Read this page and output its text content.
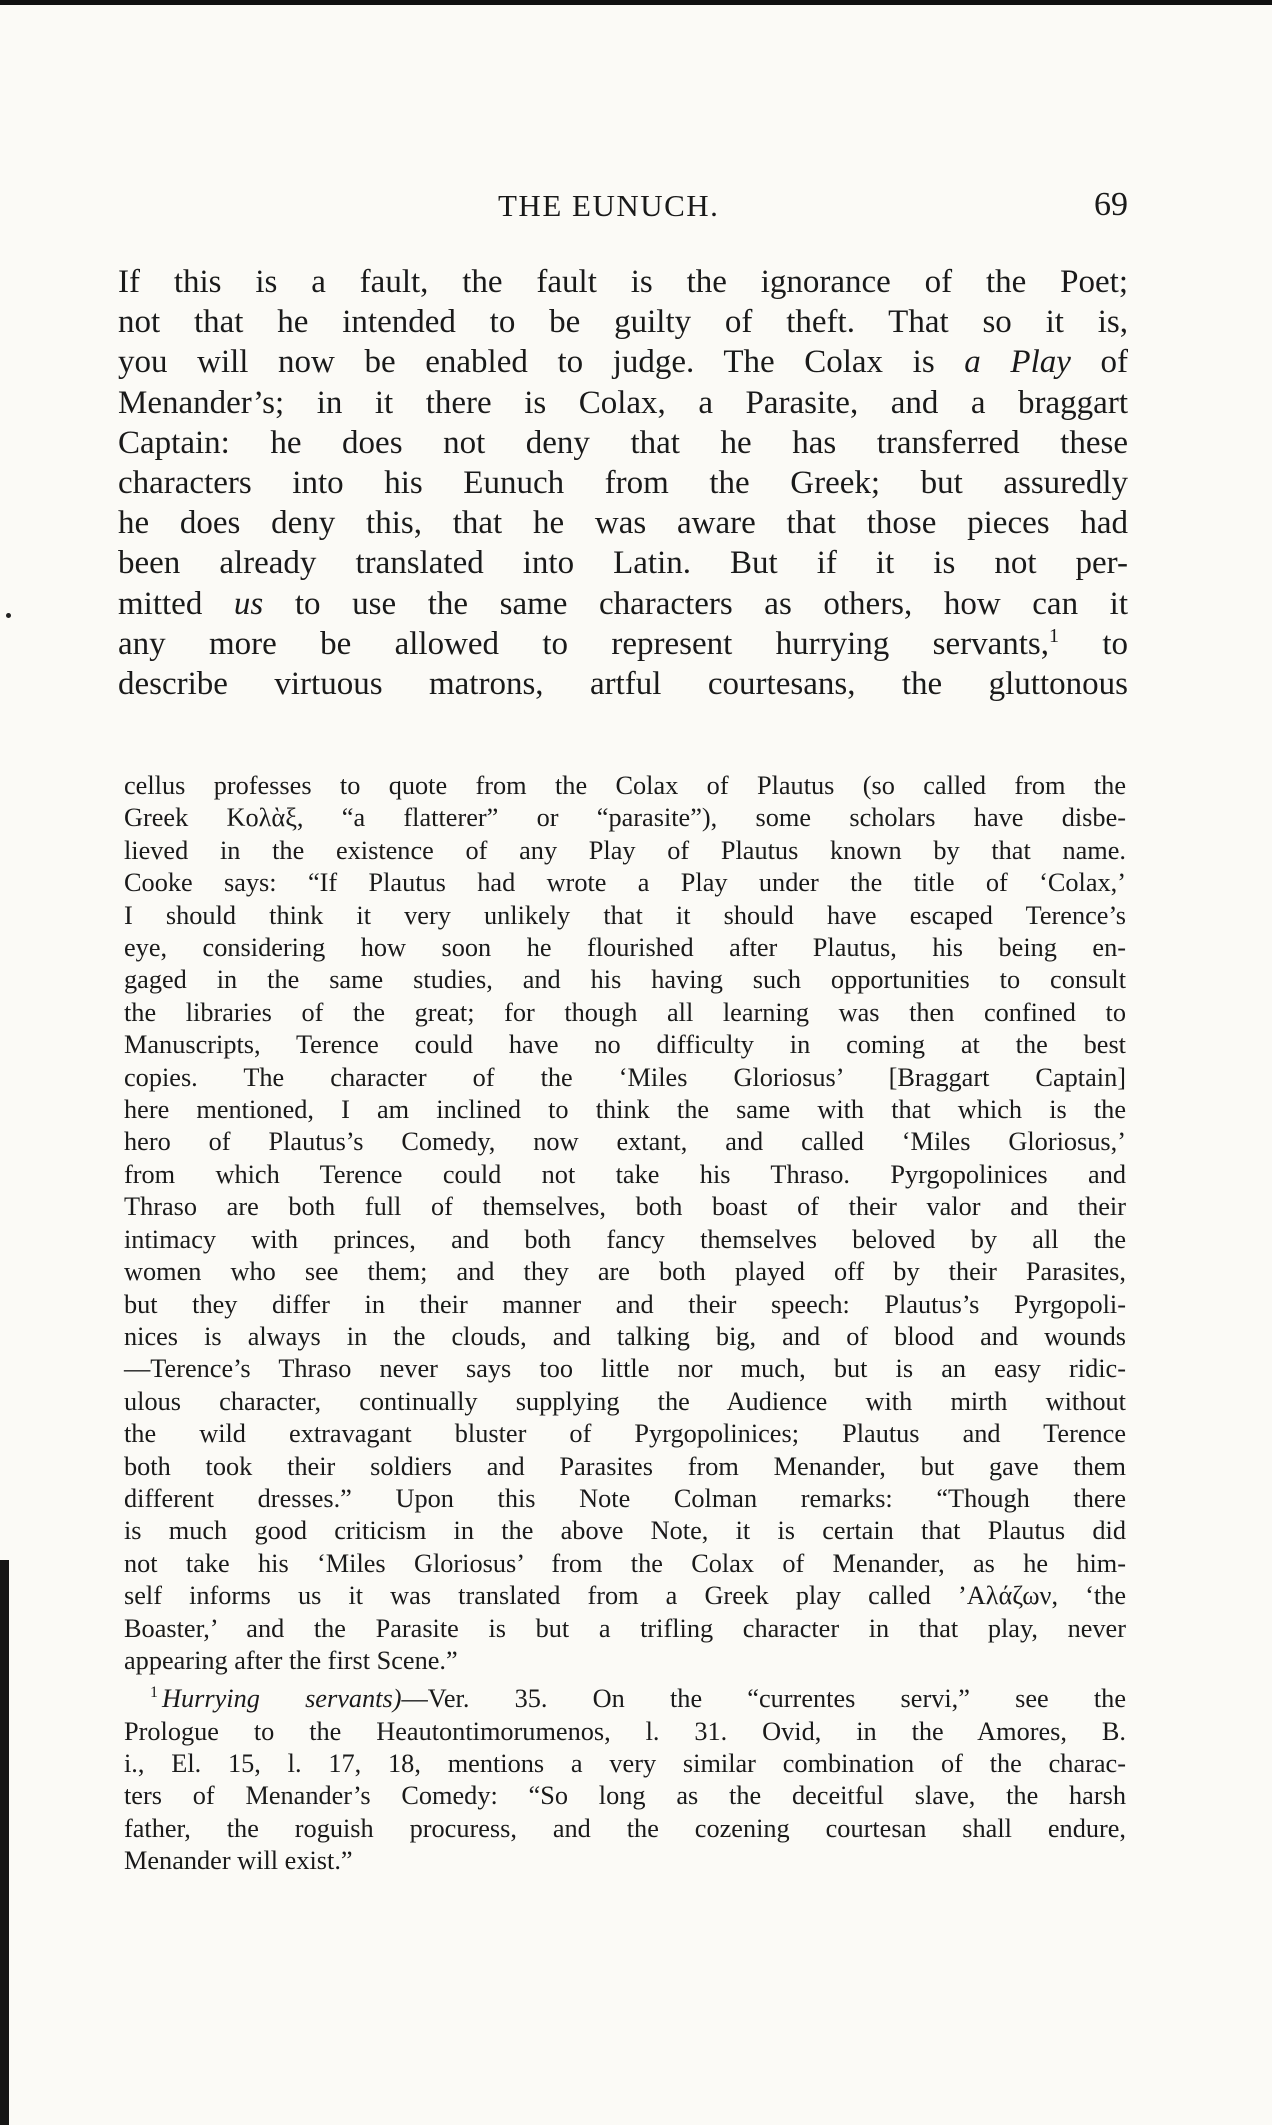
THE EUNUCH.	69
If this is a fault, the fault is the ignorance of the Poet;
not that he intended to be guilty of theft. That so it is,
you will now be enabled to judge. The Colax is a Play of
Menander’s; in it there is Colax, a Parasite, and a braggart
Captain: he does not deny that he has transferred these
characters into his Eunuch from the Greek; but assuredly
he does deny this, that he was aware that those pieces had
been already translated into Latin. But if it is not per-
mitted us to use the same characters as others, how can it
any more be allowed to represent hurrying servants,$^1$ to
describe virtuous matrons, artful courtesans, the gluttonous
cellus professes to quote from the Colax of Plautus (so called from the
Greek Κολὰξ, “a flatterer” or “parasite”), some scholars have disbe-
lieved in the existence of any Play of Plautus known by that name.
Cooke says: “If Plautus had wrote a Play under the title of ‘Colax,’
I should think it very unlikely that it should have escaped Terence’s
eye, considering how soon he flourished after Plautus, his being en-
gaged in the same studies, and his having such opportunities to consult
the libraries of the great; for though all learning was then confined to
Manuscripts, Terence could have no difficulty in coming at the best
copies. The character of the ‘Miles Gloriosus’ [Braggart Captain]
here mentioned, I am inclined to think the same with that which is the
hero of Plautus’s Comedy, now extant, and called ‘Miles Gloriosus,’
from which Terence could not take his Thraso. Pyrgopolinices and
Thraso are both full of themselves, both boast of their valor and their
intimacy with princes, and both fancy themselves beloved by all the
women who see them; and they are both played off by their Parasites,
but they differ in their manner and their speech: Plautus’s Pyrgopoli-
nices is always in the clouds, and talking big, and of blood and wounds
—Terence’s Thraso never says too little nor much, but is an easy ridic-
ulous character, continually supplying the Audience with mirth without
the wild extravagant bluster of Pyrgopolinices; Plautus and Terence
both took their soldiers and Parasites from Menander, but gave them
different dresses.” Upon this Note Colman remarks: “Though there
is much good criticism in the above Note, it is certain that Plautus did
not take his ‘Miles Gloriosus’ from the Colax of Menander, as he him-
self informs us it was translated from a Greek play called ’Αλάζων, ‘the
Boaster,’ and the Parasite is but a trifling character in that play, never
appearing after the first Scene.”
$^1$ Hurrying servants)—Ver. 35. On the “currentes servi,” see the
Prologue to the Heautontimorumenos, l. 31. Ovid, in the Amores, B.
i., El. 15, l. 17, 18, mentions a very similar combination of the charac-
ters of Menander’s Comedy: “So long as the deceitful slave, the harsh
father, the roguish procuress, and the cozening courtesan shall endure,
Menander will exist.”
